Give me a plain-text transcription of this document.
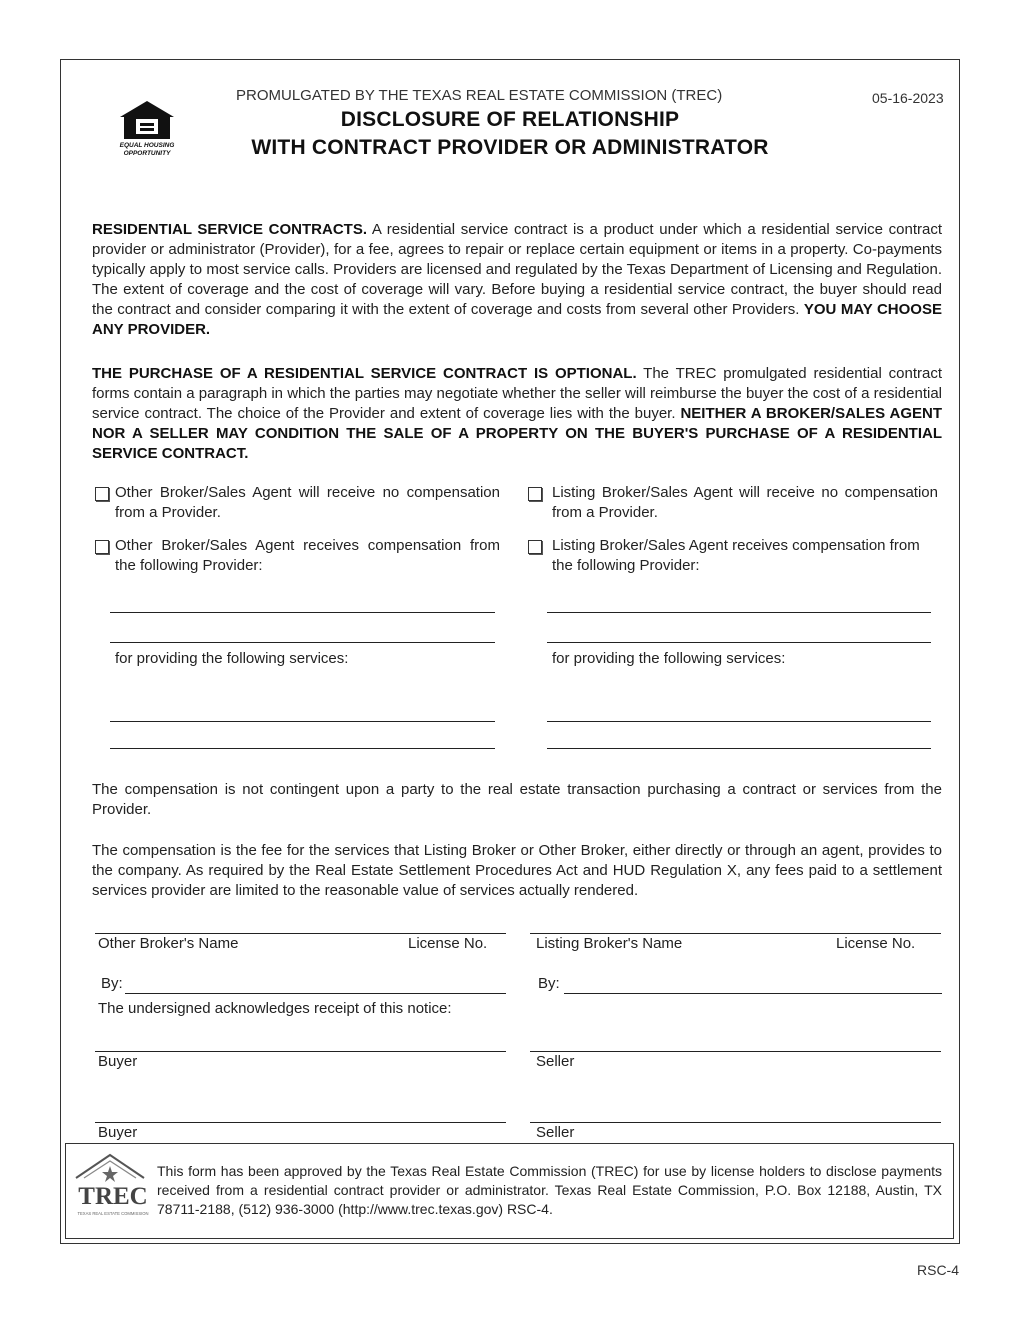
EQUAL HOUSING
OPPORTUNITY
PROMULGATED BY THE TEXAS REAL ESTATE COMMISSION (TREC)	05-16-2023
DISCLOSURE OF RELATIONSHIP
WITH CONTRACT PROVIDER OR ADMINISTRATOR
RESIDENTIAL SERVICE CONTRACTS. A residential service contract is a product under which a residential service contract provider or administrator (Provider), for a fee, agrees to repair or replace certain equipment or items in a property. Co-payments typically apply to most service calls. Providers are licensed and regulated by the Texas Department of Licensing and Regulation. The extent of coverage and the cost of coverage will vary. Before buying a residential service contract, the buyer should read the contract and consider comparing it with the extent of coverage and costs from several other Providers. YOU MAY CHOOSE ANY PROVIDER.
THE PURCHASE OF A RESIDENTIAL SERVICE CONTRACT IS OPTIONAL. The TREC promulgated residential contract forms contain a paragraph in which the parties may negotiate whether the seller will reimburse the buyer the cost of a residential service contract. The choice of the Provider and extent of coverage lies with the buyer. NEITHER A BROKER/SALES AGENT NOR A SELLER MAY CONDITION THE SALE OF A PROPERTY ON THE BUYER'S PURCHASE OF A RESIDENTIAL SERVICE CONTRACT.
Other Broker/Sales Agent will receive no compensation from a Provider.
Listing Broker/Sales Agent will receive no compensation from a Provider.
Other Broker/Sales Agent receives compensation from the following Provider:
Listing Broker/Sales Agent receives compensation from the following Provider:
for providing the following services:	for providing the following services:
The compensation is not contingent upon a party to the real estate transaction purchasing a contract or services from the Provider.
The compensation is the fee for the services that Listing Broker or Other Broker, either directly or through an agent, provides to the company. As required by the Real Estate Settlement Procedures Act and HUD Regulation X, any fees paid to a settlement services provider are limited to the reasonable value of services actually rendered.
Other Broker's Name	License No.	Listing Broker's Name	License No.
By:	By:
The undersigned acknowledges receipt of this notice:
Buyer	Seller
Buyer	Seller
TREC
TEXAS REAL ESTATE COMMISSION
This form has been approved by the Texas Real Estate Commission (TREC) for use by license holders to disclose payments received from a residential contract provider or administrator. Texas Real Estate Commission, P.O. Box 12188, Austin, TX 78711-2188, (512) 936-3000 (http://www.trec.texas.gov) RSC-4.
RSC-4
